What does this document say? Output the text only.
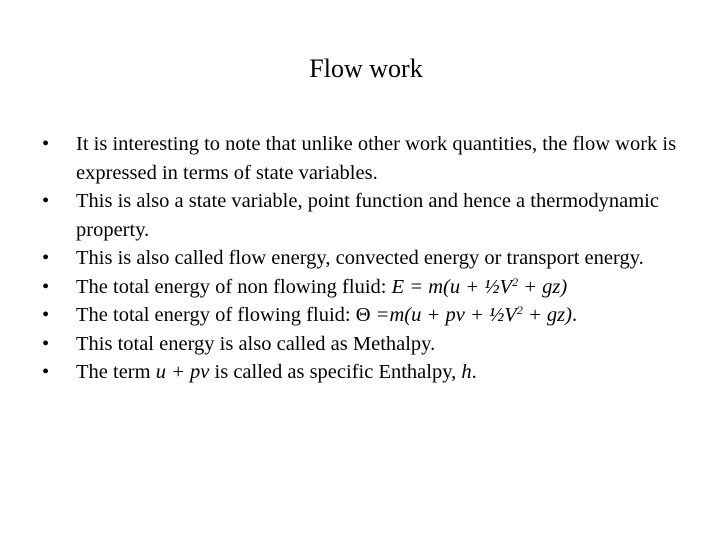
Flow work
•	It is interesting to note that unlike other work quantities, the flow work is expressed in terms of state variables.
•	This is also a state variable, point function and hence a thermodynamic property.
•	This is also called flow energy, convected energy or transport energy.
•	The total energy of non flowing fluid: $E = m(u + \frac{1}{2}V^2 + gz)$
•	The total energy of flowing fluid: Θ =m(u + pv + $\frac{1}{2}V^2 + gz$).
•	This total energy is also called as Methalpy.
•	The term u + pv is called as specific Enthalpy, h.
